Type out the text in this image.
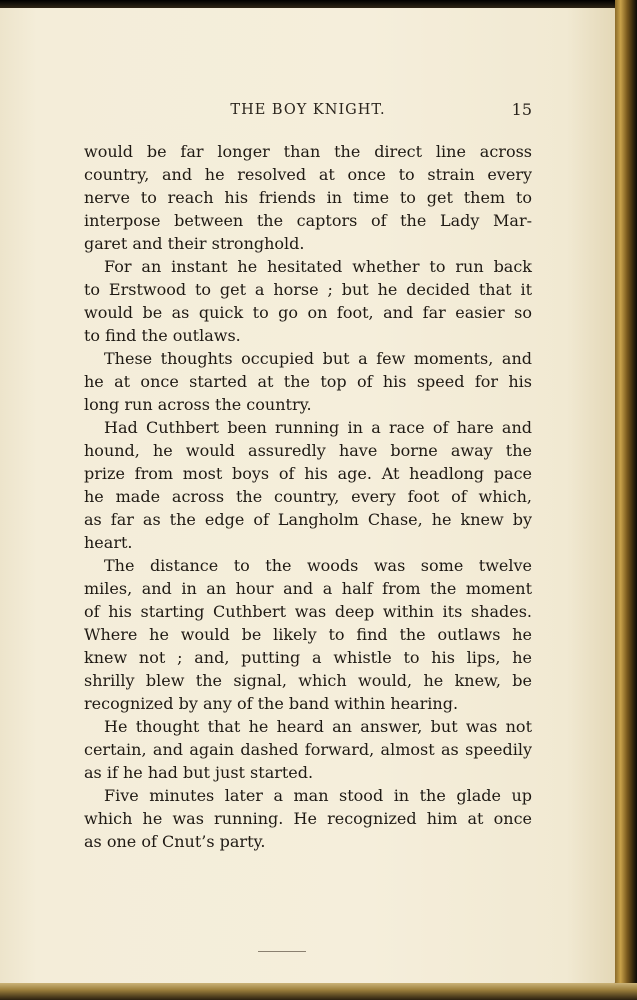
THE BOY KNIGHT.	15
would be far longer than the direct line across
country, and he resolved at once to strain every
nerve to reach his friends in time to get them to
interpose between the captors of the Lady Mar-
garet and their stronghold.
For an instant he hesitated whether to run back
to Erstwood to get a horse ; but he decided that it
would be as quick to go on foot, and far easier so
to find the outlaws.
These thoughts occupied but a few moments, and
he at once started at the top of his speed for his
long run across the country.
Had Cuthbert been running in a race of hare and
hound, he would assuredly have borne away the
prize from most boys of his age. At headlong pace
he made across the country, every foot of which,
as far as the edge of Langholm Chase, he knew by
heart.
The distance to the woods was some twelve
miles, and in an hour and a half from the moment
of his starting Cuthbert was deep within its shades.
Where he would be likely to find the outlaws he
knew not ; and, putting a whistle to his lips, he
shrilly blew the signal, which would, he knew, be
recognized by any of the band within hearing.
He thought that he heard an answer, but was not
certain, and again dashed forward, almost as speedily
as if he had but just started.
Five minutes later a man stood in the glade up
which he was running. He recognized him at once
as one of Cnut’s party.
